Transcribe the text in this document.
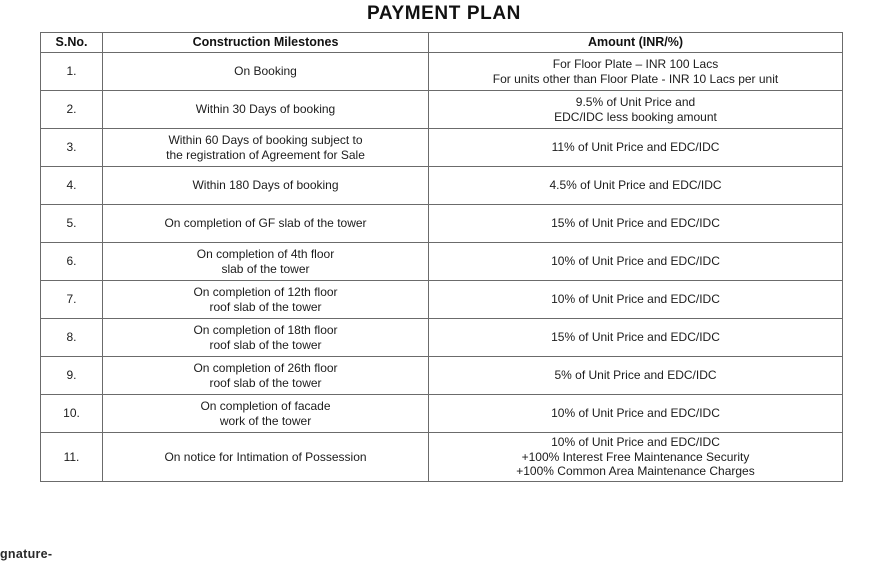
PAYMENT PLAN
S.No.	Construction Milestones	Amount (INR/%)
1.	On Booking	For Floor Plate – INR 100 Lacs
For units other than Floor Plate - INR 10 Lacs per unit
2.	Within 30 Days of booking	9.5% of Unit Price and
EDC/IDC less booking amount
3.	Within 60 Days of booking subject to
the registration of Agreement for Sale	11% of Unit Price and EDC/IDC
4.	Within 180 Days of booking	4.5% of Unit Price and EDC/IDC
5.	On completion of GF slab of the tower	15% of Unit Price and EDC/IDC
6.	On completion of 4th floor
slab of the tower	10% of Unit Price and EDC/IDC
7.	On completion of 12th floor
roof slab of the tower	10% of Unit Price and EDC/IDC
8.	On completion of 18th floor
roof slab of the tower	15% of Unit Price and EDC/IDC
9.	On completion of 26th floor
roof slab of the tower	5% of Unit Price and EDC/IDC
10.	On completion of facade
work of the tower	10% of Unit Price and EDC/IDC
11.	On notice for Intimation of Possession	10% of Unit Price and EDC/IDC
+100% Interest Free Maintenance Security
+100% Common Area Maintenance Charges
gnature-
